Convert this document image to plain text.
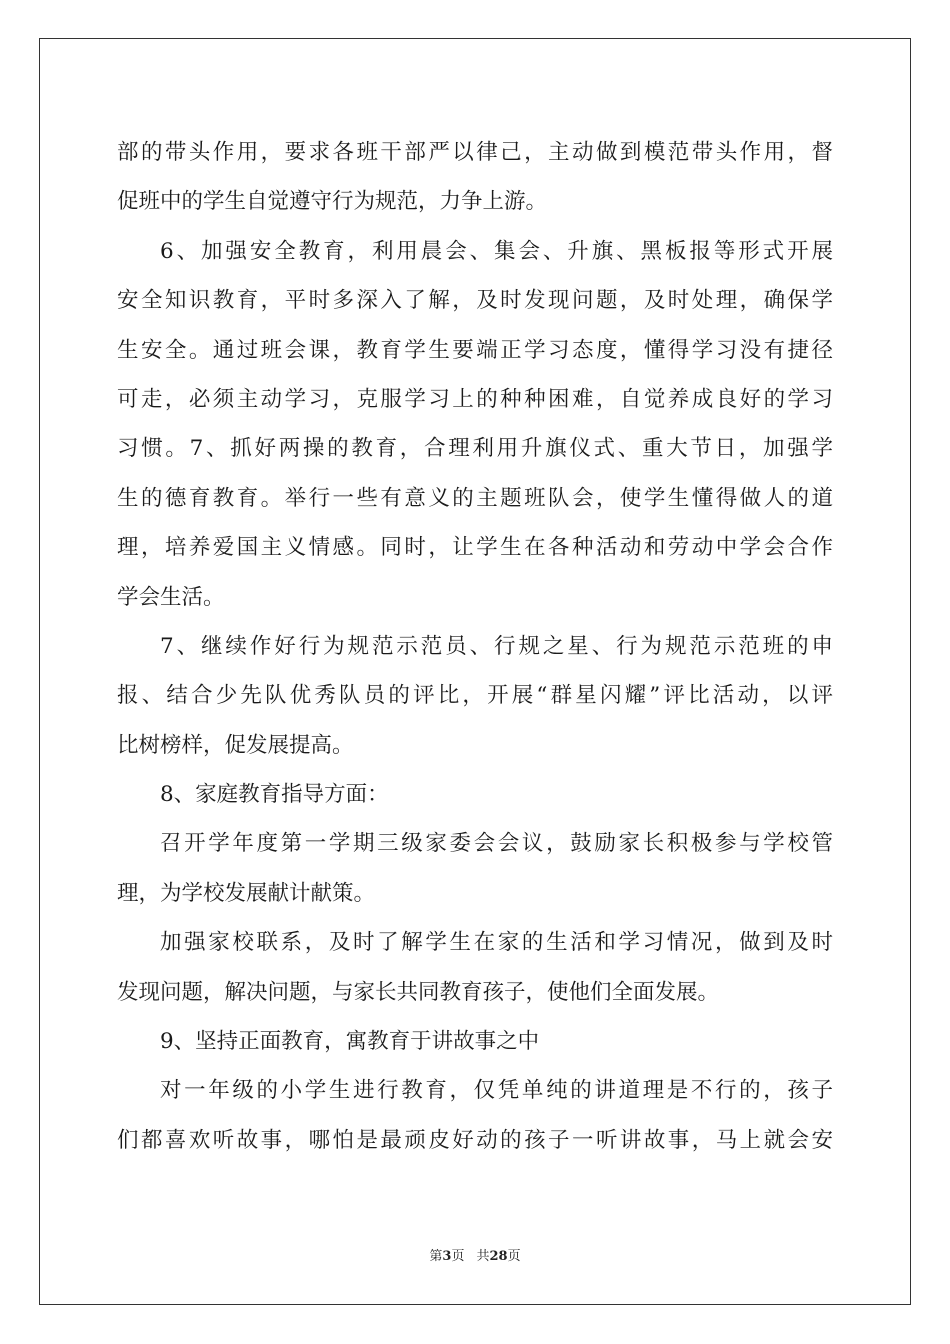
部的带头作用，要求各班干部严以律己，主动做到模范带头作用，督
促班中的学生自觉遵守行为规范，力争上游。
6、加强安全教育，利用晨会、集会、升旗、黑板报等形式开展
安全知识教育，平时多深入了解，及时发现问题，及时处理，确保学
生安全。通过班会课，教育学生要端正学习态度，懂得学习没有捷径
可走，必须主动学习，克服学习上的种种困难，自觉养成良好的学习
习惯。7、抓好两操的教育，合理利用升旗仪式、重大节日，加强学
生的德育教育。举行一些有意义的主题班队会，使学生懂得做人的道
理，培养爱国主义情感。同时，让学生在各种活动和劳动中学会合作
学会生活。
7、继续作好行为规范示范员、行规之星、行为规范示范班的申
报、结合少先队优秀队员的评比，开展“群星闪耀”评比活动，以评
比树榜样，促发展提高。
8、家庭教育指导方面：
召开学年度第一学期三级家委会会议，鼓励家长积极参与学校管
理，为学校发展献计献策。
加强家校联系，及时了解学生在家的生活和学习情况，做到及时
发现问题，解决问题，与家长共同教育孩子，使他们全面发展。
9、坚持正面教育，寓教育于讲故事之中
对一年级的小学生进行教育，仅凭单纯的讲道理是不行的，孩子
们都喜欢听故事，哪怕是最顽皮好动的孩子一听讲故事，马上就会安
第3页 共28页
